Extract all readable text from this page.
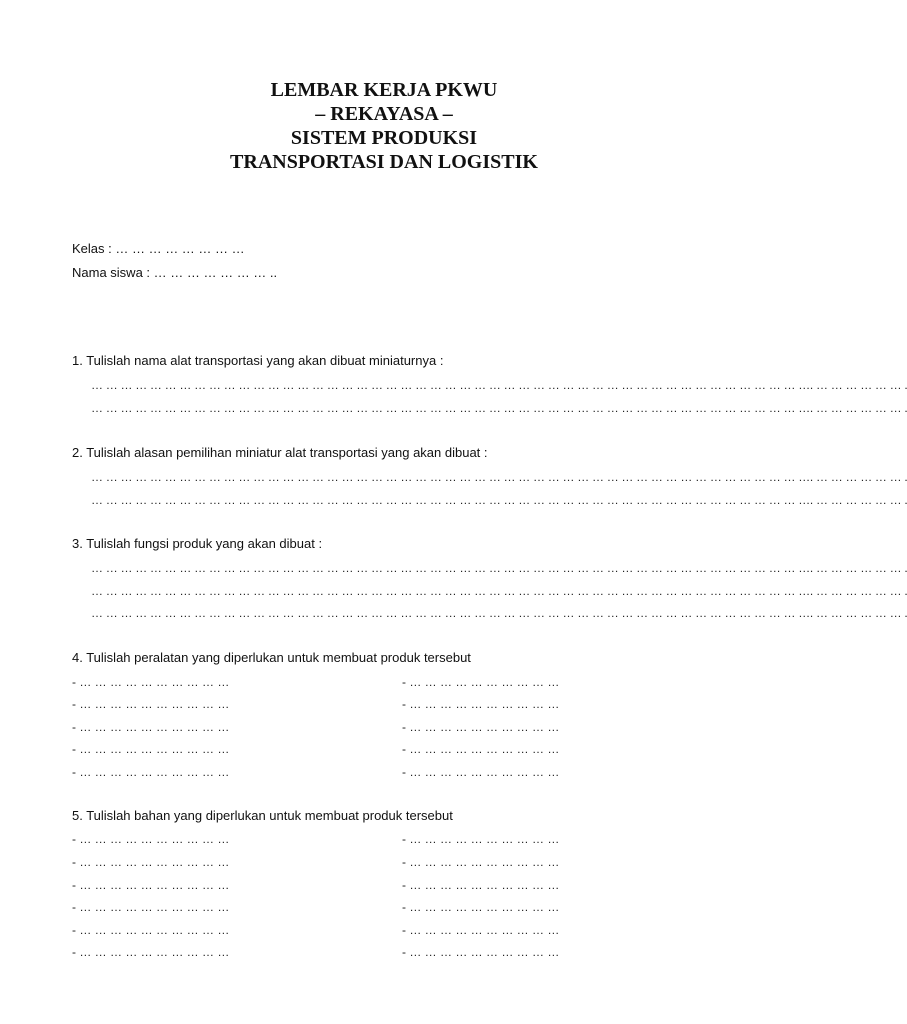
LEMBAR KERJA PKWU
– REKAYASA –
SISTEM PRODUKSI
TRANSPORTASI DAN LOGISTIK
Kelas : … … … … … … … …
Nama siswa : … … … … … … … ..
1. Tulislah nama alat transportasi yang akan dibuat miniaturnya :
… … … … … … … … … … … … … … … … … … … … … … … … … … … … … … … … … … … … … … … … … … … … … … … … …. … … … … … … .
… … … … … … … … … … … … … … … … … … … … … … … … … … … … … … … … … … … … … … … … … … … … … … … … …. … … … … … … .
2. Tulislah alasan pemilihan miniatur alat transportasi yang akan dibuat :
… … … … … … … … … … … … … … … … … … … … … … … … … … … … … … … … … … … … … … … … … … … … … … … … …. … … … … … … .
… … … … … … … … … … … … … … … … … … … … … … … … … … … … … … … … … … … … … … … … … … … … … … … … …. … … … … … … .
3. Tulislah fungsi produk yang akan dibuat :
… … … … … … … … … … … … … … … … … … … … … … … … … … … … … … … … … … … … … … … … … … … … … … … … …. … … … … … … .
… … … … … … … … … … … … … … … … … … … … … … … … … … … … … … … … … … … … … … … … … … … … … … … … …. … … … … … … .
… … … … … … … … … … … … … … … … … … … … … … … … … … … … … … … … … … … … … … … … … … … … … … … … …. … … … … … … .
4. Tulislah peralatan yang diperlukan untuk membuat produk tersebut
- … … … … … … … … … …	- … … … … … … … … … …
- … … … … … … … … … …	- … … … … … … … … … …
- … … … … … … … … … …	- … … … … … … … … … …
- … … … … … … … … … …	- … … … … … … … … … …
- … … … … … … … … … …	- … … … … … … … … … …
5. Tulislah bahan yang diperlukan untuk membuat produk tersebut
- … … … … … … … … … …	- … … … … … … … … … …
- … … … … … … … … … …	- … … … … … … … … … …
- … … … … … … … … … …	- … … … … … … … … … …
- … … … … … … … … … …	- … … … … … … … … … …
- … … … … … … … … … …	- … … … … … … … … … …
- … … … … … … … … … …	- … … … … … … … … … …
